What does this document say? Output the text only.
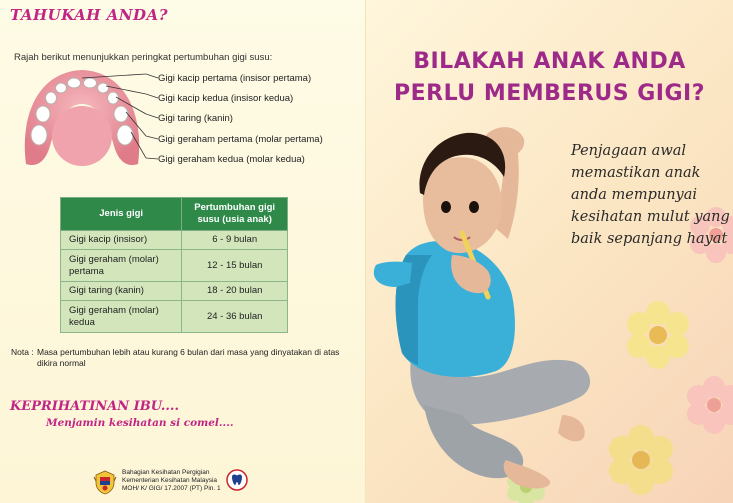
TAHUKAH ANDA?
Rajah berikut menunjukkan peringkat pertumbuhan gigi susu:
Gigi kacip pertama (insisor pertama)
Gigi kacip kedua (insisor kedua)
Gigi taring (kanin)
Gigi geraham pertama (molar pertama)
Gigi geraham kedua (molar kedua)
Jenis gigi	Pertumbuhan gigi susu (usia anak)
Gigi kacip (insisor)	6 - 9 bulan
Gigi geraham (molar) pertama	12 - 15 bulan
Gigi taring (kanin)	18 - 20 bulan
Gigi geraham (molar) kedua	24 - 36 bulan
Nota : Masa pertumbuhan lebih atau kurang 6 bulan dari masa yang dinyatakan di atas dikira normal
KEPRIHATINAN IBU....
Menjamin kesihatan si comel....
Bahagian Kesihatan Pergigian
Kementerian Kesihatan Malaysia
MOH/ K/ GIG/ 17.2007 (PT) Pin. 1
BILAKAH ANAK ANDA
PERLU MEMBERUS GIGI?
Penjagaan awal memastikan anak anda mempunyai kesihatan mulut yang baik sepanjang hayat
